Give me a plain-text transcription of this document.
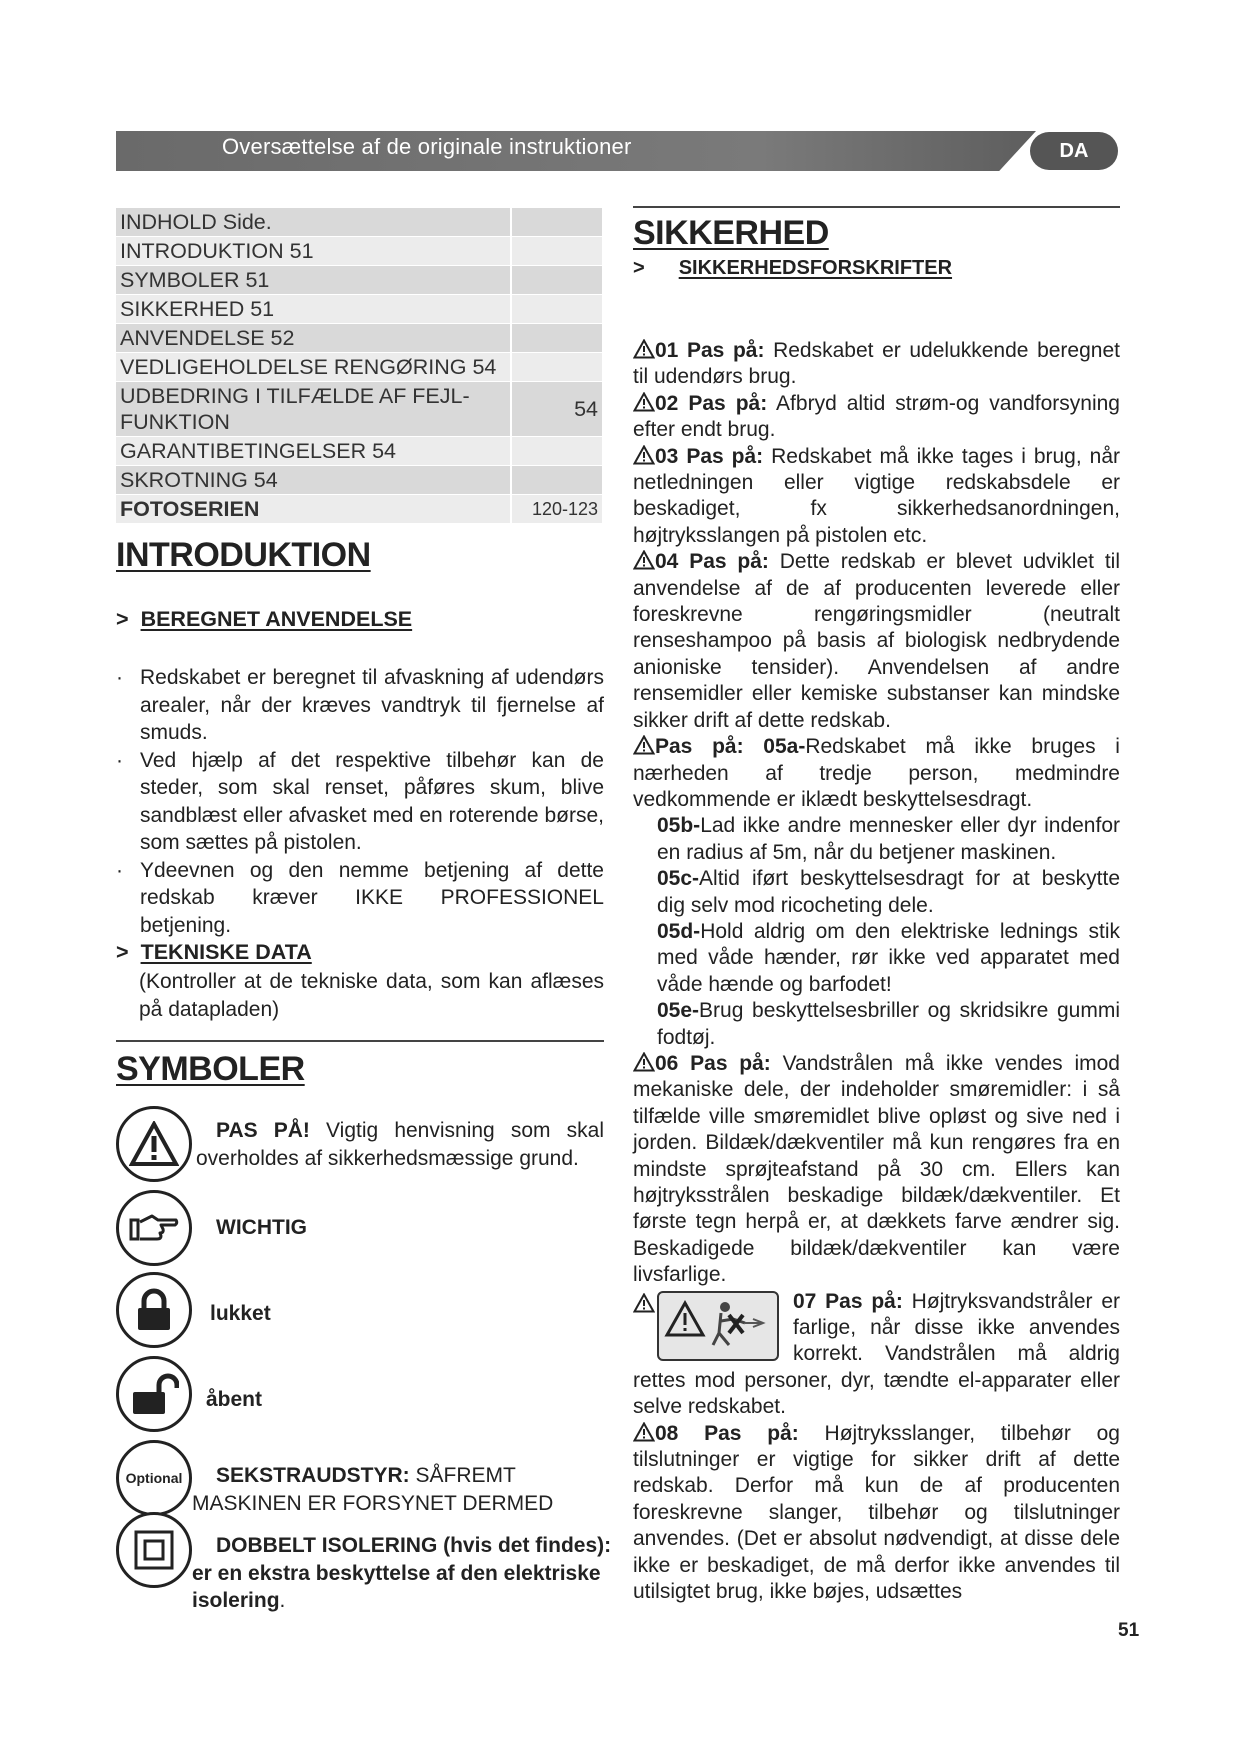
Oversættelse af de originale instruktioner	DA
INDHOLD Side.
INTRODUKTION 51
SYMBOLER 51
SIKKERHED 51
ANVENDELSE 52
VEDLIGEHOLDELSE RENGØRING 54
UDBEDRING I TILFÆLDE AF FEJL-
FUNKTION
54
GARANTIBETINGELSER 54
SKROTNING 54
FOTOSERIEN	120-123
INTRODUKTION
> BEREGNET ANVENDELSE
· Redskabet er beregnet til afvaskning af udendørs arealer, når der kræves vandtryk til fjernelse af smuds.
· Ved hjælp af det respektive tilbehør kan de steder, som skal renset, påføres skum, blive sandblæst eller afvasket med en roterende børse, som sættes på pistolen.
· Ydeevnen og den nemme betjening af dette redskab kræver IKKE PROFESSIONEL betjening.
> TEKNISKE DATA
(Kontroller at de tekniske data, som kan aflæses på datapladen)
SYMBOLER
PAS PÅ! Vigtig henvisning som skal overholdes af sikkerhedsmæssige grund.
WICHTIG
lukket
åbent
Optional	SEKSTRAUDSTYR: SÅFREMT MASKINEN ER FORSYNET DERMED
DOBBELT ISOLERING (hvis det findes): er en ekstra beskyttelse af den elektriske isolering.
SIKKERHED
> SIKKERHEDSFORSKRIFTER

01 Pas på: Redskabet er udelukkende beregnet til udendørs brug.

02 Pas på: Afbryd altid strøm-og vandforsyning efter endt brug.

03 Pas på: Redskabet må ikke tages i brug, når netledningen eller vigtige redskabsdele er beskadiget, fx sikkerhedsanordningen, højtryksslangen på pistolen etc.

04 Pas på: Dette redskab er blevet udviklet til anvendelse af de af producenten leverede eller foreskrevne rengøringsmidler (neutralt renseshampoo på basis af biologisk nedbrydende anioniske tensider). Anvendelsen af andre rensemidler eller kemiske substanser kan mindske sikker drift af dette redskab.

Pas på: 05a-Redskabet må ikke bruges i nærheden af tredje person, medmindre vedkommende er iklædt beskyttelsesdragt.

05b-Lad ikke andre mennesker eller dyr indenfor en radius af 5m, når du betjener maskinen.
05c-Altid iført beskyttelsesdragt for at beskytte dig selv mod ricocheting dele.
05d-Hold aldrig om den elektriske lednings stik med våde hænder, rør ikke ved apparatet med våde hænde og barfodet!
05e-Brug beskyttelsesbriller og skridsikre gummi fodtøj.

06 Pas på: Vandstrålen må ikke vendes imod mekaniske dele, der indeholder smøremidler: i så tilfælde ville smøremidlet blive opløst og sive ned i jorden. Bildæk/dækventiler må kun rengøres fra en mindste sprøjteafstand på 30 cm. Ellers kan højtryksstrålen beskadige bildæk/dækventiler. Et første tegn herpå er, at dækkets farve ændrer sig. Beskadigede bildæk/dækventiler kan være livsfarlige.

07 Pas på: Højtryksvandstråler er farlige, når disse ikke anvendes korrekt. Vandstrålen må aldrig rettes mod personer, dyr, tændte el-apparater eller selve redskabet.

08 Pas på: Højtryksslanger, tilbehør og tilslutninger er vigtige for sikker drift af dette redskab. Derfor må kun de af producenten foreskrevne slanger, tilbehør og tilslutninger anvendes. (Det er absolut nødvendigt, at disse dele ikke er beskadiget, de må derfor ikke anvendes til utilsigtet brug, ikke bøjes, udsættes

51
